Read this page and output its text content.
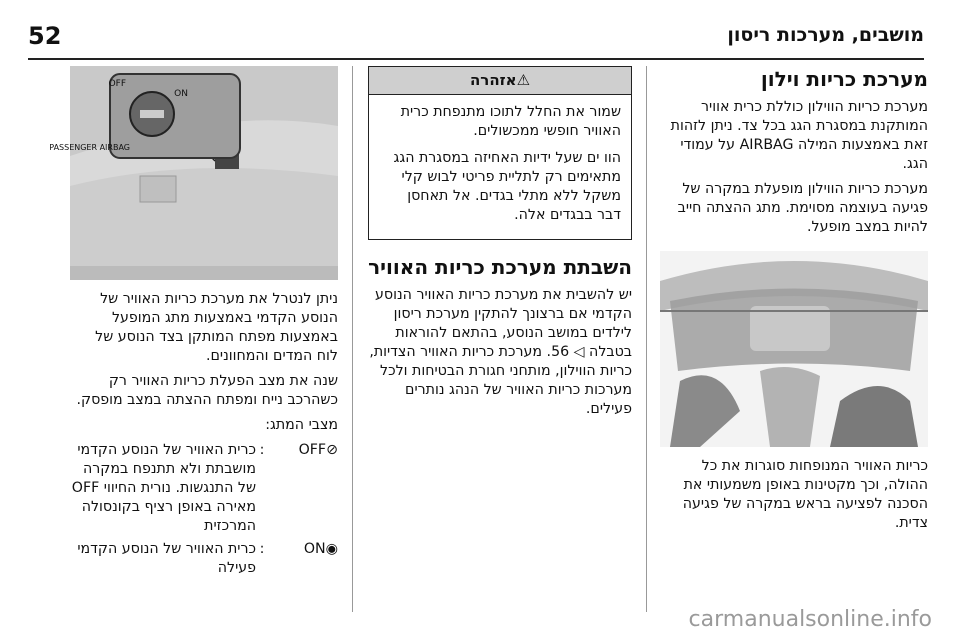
52	מושבים, מערכות ריסון
מערכת כריות וילון

מערכת כריות הווילון כוללת כרית אוויר המותקנת במסגרת הגג בכל צד. ניתן לזהות זאת באמצעות המילה AIRBAG על עמודי הגג.

מערכת כריות הווילון מופעלת במקרה של פגיעה בעוצמה מסוימת. מתג ההצתה חייב להיות במצב מופעל.

כריות האוויר המנופחות סוגרות את כל ההולה, וכך מקטינות באופן משמעותי את הסכנה לפציעה בראש במקרה של פגיעה צדית.

⚠אזהרה

שמור את החלל לתוכו מתנפחת כרית האוויר חופשי ממכשולים.

הוו ים שעל ידיות האחיזה במסגרת הגג מתאימים רק לתליית פריטי לבוש קלי משקל ללא מתלי בגדים. אל תאחסן דבר בבגדים אלה.

השבתת מערכת כריות האוויר

יש להשבית את מערכת כריות האוויר הנוסע הקדמי אם ברצונך להתקין מערכת ריסון לילדים במושב הנוסע, בהתאם להוראות בטבלה ◁ 56. מערכת כריות האוויר הצדיות, כריות הווילון, מותחני חגורת הבטיחות ולכל מערכות כריות האוויר של הנהג נותרים פעילים.

OFF
ON
PASSENGER AIRBAG

ניתן לנטרל את מערכת כריות האוויר של הנוסע הקדמי באמצעות מתג המופעל באמצעות מפתח המותקן בצד הנוסע של לוח המדים והמחוונים.

שנה את מצב הפעלת כריות האוויר רק כשהרכב נייח ומפתח ההצתה במצב מופסק.

מצבי המתג:

⊘OFF
:
כרית האוויר של הנוסע הקדמי מושבתת ולא תתנפח במקרה של התנגשות. נורית החיווי OFF מאירה באופן רציף בקונסולה המרכזית
◉ON
:
כרית האוויר של הנוסע הקדמי פעילה
carmanualsonline.info
